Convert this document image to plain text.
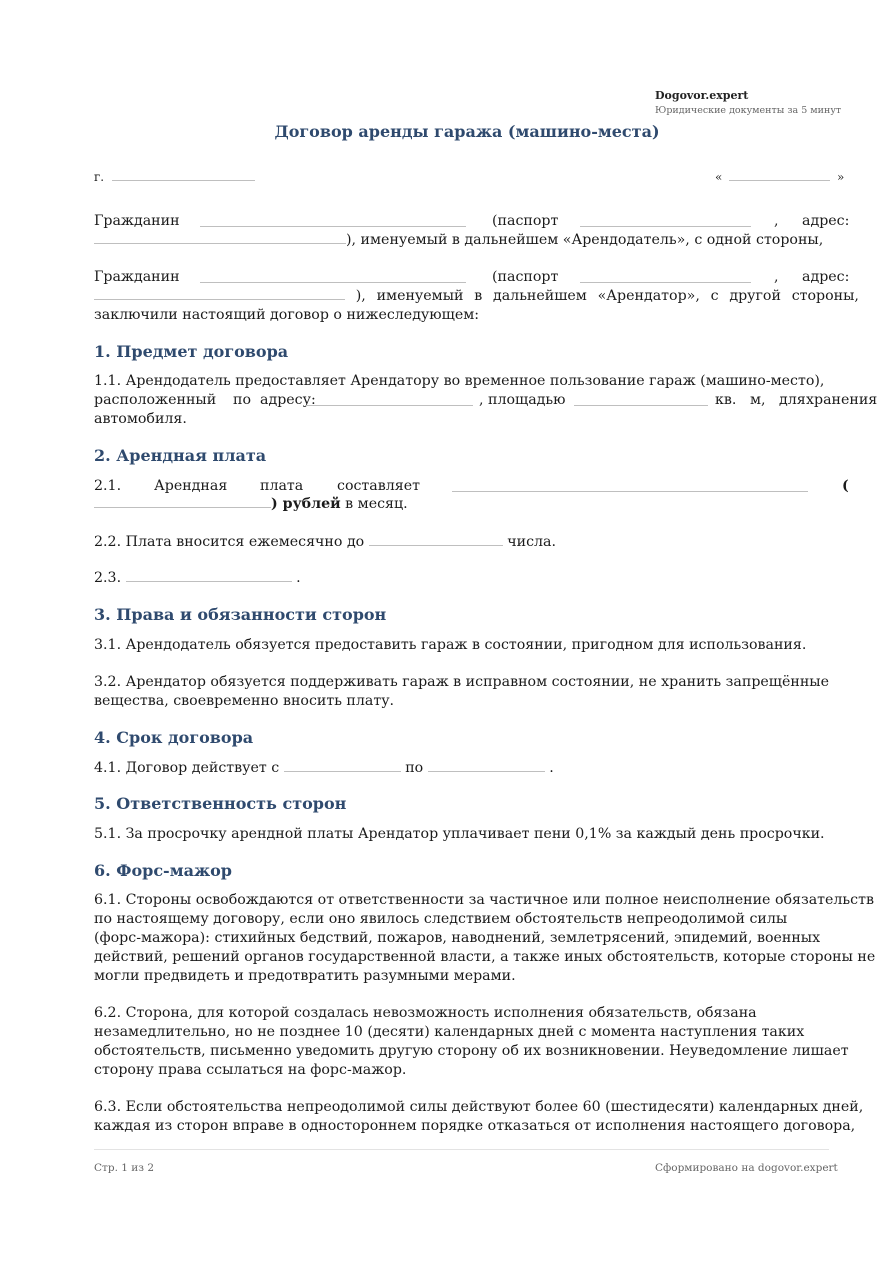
Dogovor.expert
Юридические документы за 5 минут
Договор аренды гаража (машино-места)
г.	«	»
Гражданин	(паспорт	, адрес:
), именуемый в дальнейшем «Арендодатель», с одной стороны,
Гражданин	(паспорт	, адрес:
), именуемый в дальнейшем «Арендатор», с другой стороны,
заключили настоящий договор о нижеследующем:
1. Предмет договора
1.1. Арендодатель предоставляет Арендатору во временное пользование гараж (машино-место),
расположенный по адресу:	, площадью	кв. м, для хранения
автомобиля.
2. Арендная плата
2.1. Арендная плата составляет	(
) рублей в месяц.
2.2. Плата вносится ежемесячно до	числа.
2.3.	.
3. Права и обязанности сторон
3.1. Арендодатель обязуется предоставить гараж в состоянии, пригодном для использования.
3.2. Арендатор обязуется поддерживать гараж в исправном состоянии, не хранить запрещённые
вещества, своевременно вносить плату.
4. Срок договора
4.1. Договор действует с	по	.
5. Ответственность сторон
5.1. За просрочку арендной платы Арендатор уплачивает пени 0,1% за каждый день просрочки.
6. Форс-мажор
6.1. Стороны освобождаются от ответственности за частичное или полное неисполнение обязательств
по настоящему договору, если оно явилось следствием обстоятельств непреодолимой силы
(форс-мажора): стихийных бедствий, пожаров, наводнений, землетрясений, эпидемий, военных
действий, решений органов государственной власти, а также иных обстоятельств, которые стороны не
могли предвидеть и предотвратить разумными мерами.
6.2. Сторона, для которой создалась невозможность исполнения обязательств, обязана
незамедлительно, но не позднее 10 (десяти) календарных дней с момента наступления таких
обстоятельств, письменно уведомить другую сторону об их возникновении. Неуведомление лишает
сторону права ссылаться на форс-мажор.
6.3. Если обстоятельства непреодолимой силы действуют более 60 (шестидесяти) календарных дней,
каждая из сторон вправе в одностороннем порядке отказаться от исполнения настоящего договора,
Стр. 1 из 2	Сформировано на dogovor.expert
